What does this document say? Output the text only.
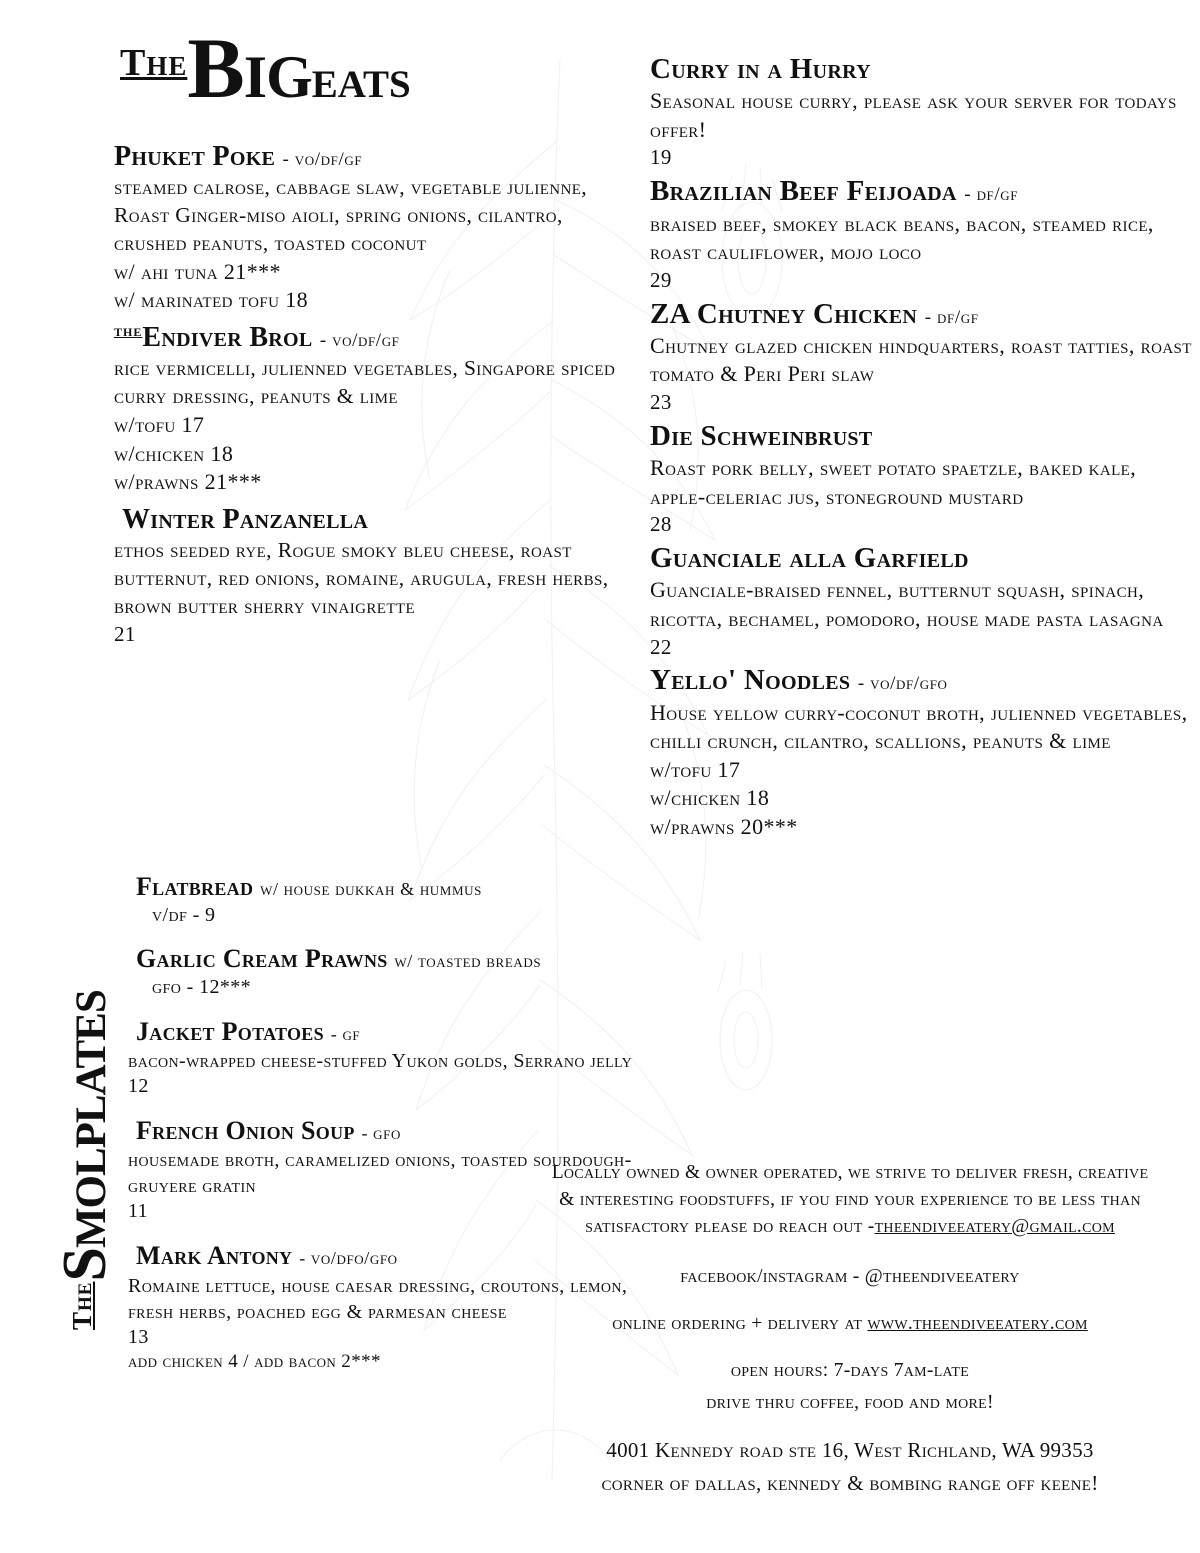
TheBigeats
TheSmolplates
Phuket Poke - vo/df/gf
steamed calrose, cabbage slaw, vegetable julienne, Roast Ginger-miso aioli, spring onions, cilantro, crushed peanuts, toasted coconut
w/ ahi tuna 21***
w/ marinated tofu 18
$^{the}$Endiver Brol - vo/df/gf
rice vermicelli, julienned vegetables, Singapore spiced curry dressing, peanuts & lime
w/tofu 17
w/chicken 18
w/prawns 21***
Winter Panzanella
ethos seeded rye, Rogue smoky bleu cheese, roast butternut, red onions, romaine, arugula, fresh herbs, brown butter sherry vinaigrette
21
Flatbread w/ house dukkah & hummus
v/df - 9
Garlic Cream Prawns w/ toasted breads
gfo - 12***
Jacket Potatoes - gf
bacon-wrapped cheese-stuffed Yukon golds, Serrano jelly
12
French Onion Soup - gfo
housemade broth, caramelized onions, toasted sourdough-gruyere gratin
11
Mark Antony - vo/dfo/gfo
Romaine lettuce, house caesar dressing, croutons, lemon, fresh herbs, poached egg & parmesan cheese
13
add chicken 4 / add bacon 2***
Curry in a Hurry
Seasonal house curry, please ask your server for todays offer!
19
Brazilian Beef Feijoada - df/gf
braised beef, smokey black beans, bacon, steamed rice, roast cauliflower, mojo loco
29
ZA Chutney Chicken - df/gf
Chutney glazed chicken hindquarters, roast tatties, roast tomato & Peri Peri slaw
23
Die Schweinbrust
Roast pork belly, sweet potato spaetzle, baked kale, apple-celeriac jus, stoneground mustard
28
Guanciale alla Garfield
Guanciale-braised fennel, butternut squash, spinach, ricotta, bechamel, pomodoro, house made pasta lasagna
22
Yello' Noodles - vo/df/gfo
House yellow curry-coconut broth, julienned vegetables, chilli crunch, cilantro, scallions, peanuts & lime
w/tofu 17
w/chicken 18
w/prawns 20***
Locally owned & owner operated, we strive to deliver fresh, creative
& interesting foodstuffs, if you find your experience to be less than
satisfactory please do reach out -theendiveeatery@gmail.com
facebook/instagram - @theendiveeatery
online ordering + delivery at www.theendiveeatery.com
open hours: 7-days 7am-late
drive thru coffee, food and more!
4001 Kennedy road ste 16, West Richland, WA 99353
corner of dallas, kennedy & bombing range off keene!
